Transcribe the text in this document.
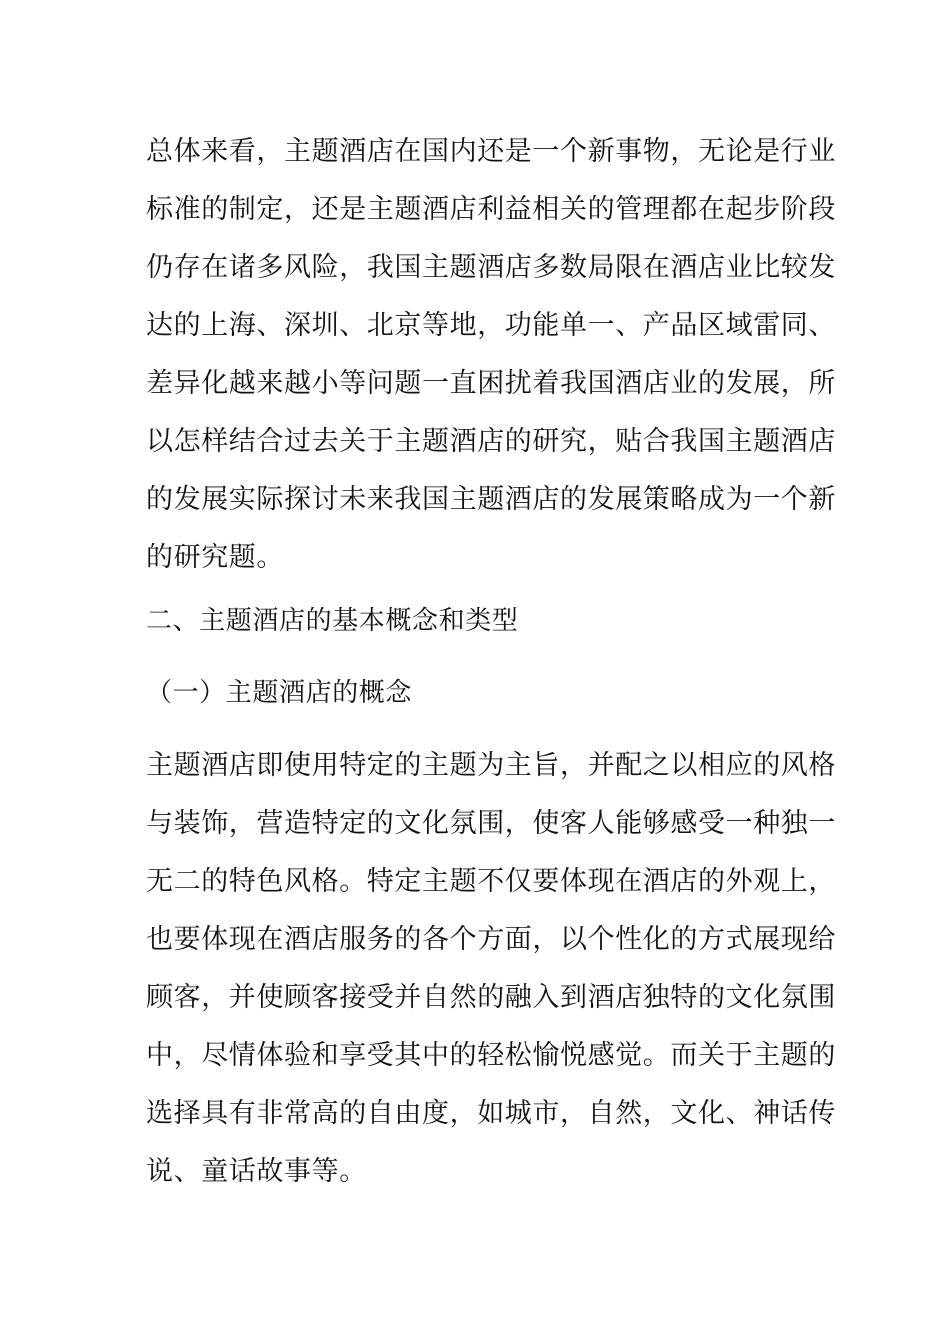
总体来看，主题酒店在国内还是一个新事物，无论是行业

标准的制定，还是主题酒店利益相关的管理都在起步阶段

仍存在诸多风险，我国主题酒店多数局限在酒店业比较发

达的上海、深圳、北京等地，功能单一、产品区域雷同、

差异化越来越小等问题一直困扰着我国酒店业的发展，所

以怎样结合过去关于主题酒店的研究，贴合我国主题酒店

的发展实际探讨未来我国主题酒店的发展策略成为一个新

的研究题。

二、主题酒店的基本概念和类型

（一）主题酒店的概念

主题酒店即使用特定的主题为主旨，并配之以相应的风格

与装饰，营造特定的文化氛围，使客人能够感受一种独一

无二的特色风格。特定主题不仅要体现在酒店的外观上，

也要体现在酒店服务的各个方面，以个性化的方式展现给

顾客，并使顾客接受并自然的融入到酒店独特的文化氛围

中，尽情体验和享受其中的轻松愉悦感觉。而关于主题的

选择具有非常高的自由度，如城市，自然，文化、神话传

说、童话故事等。
